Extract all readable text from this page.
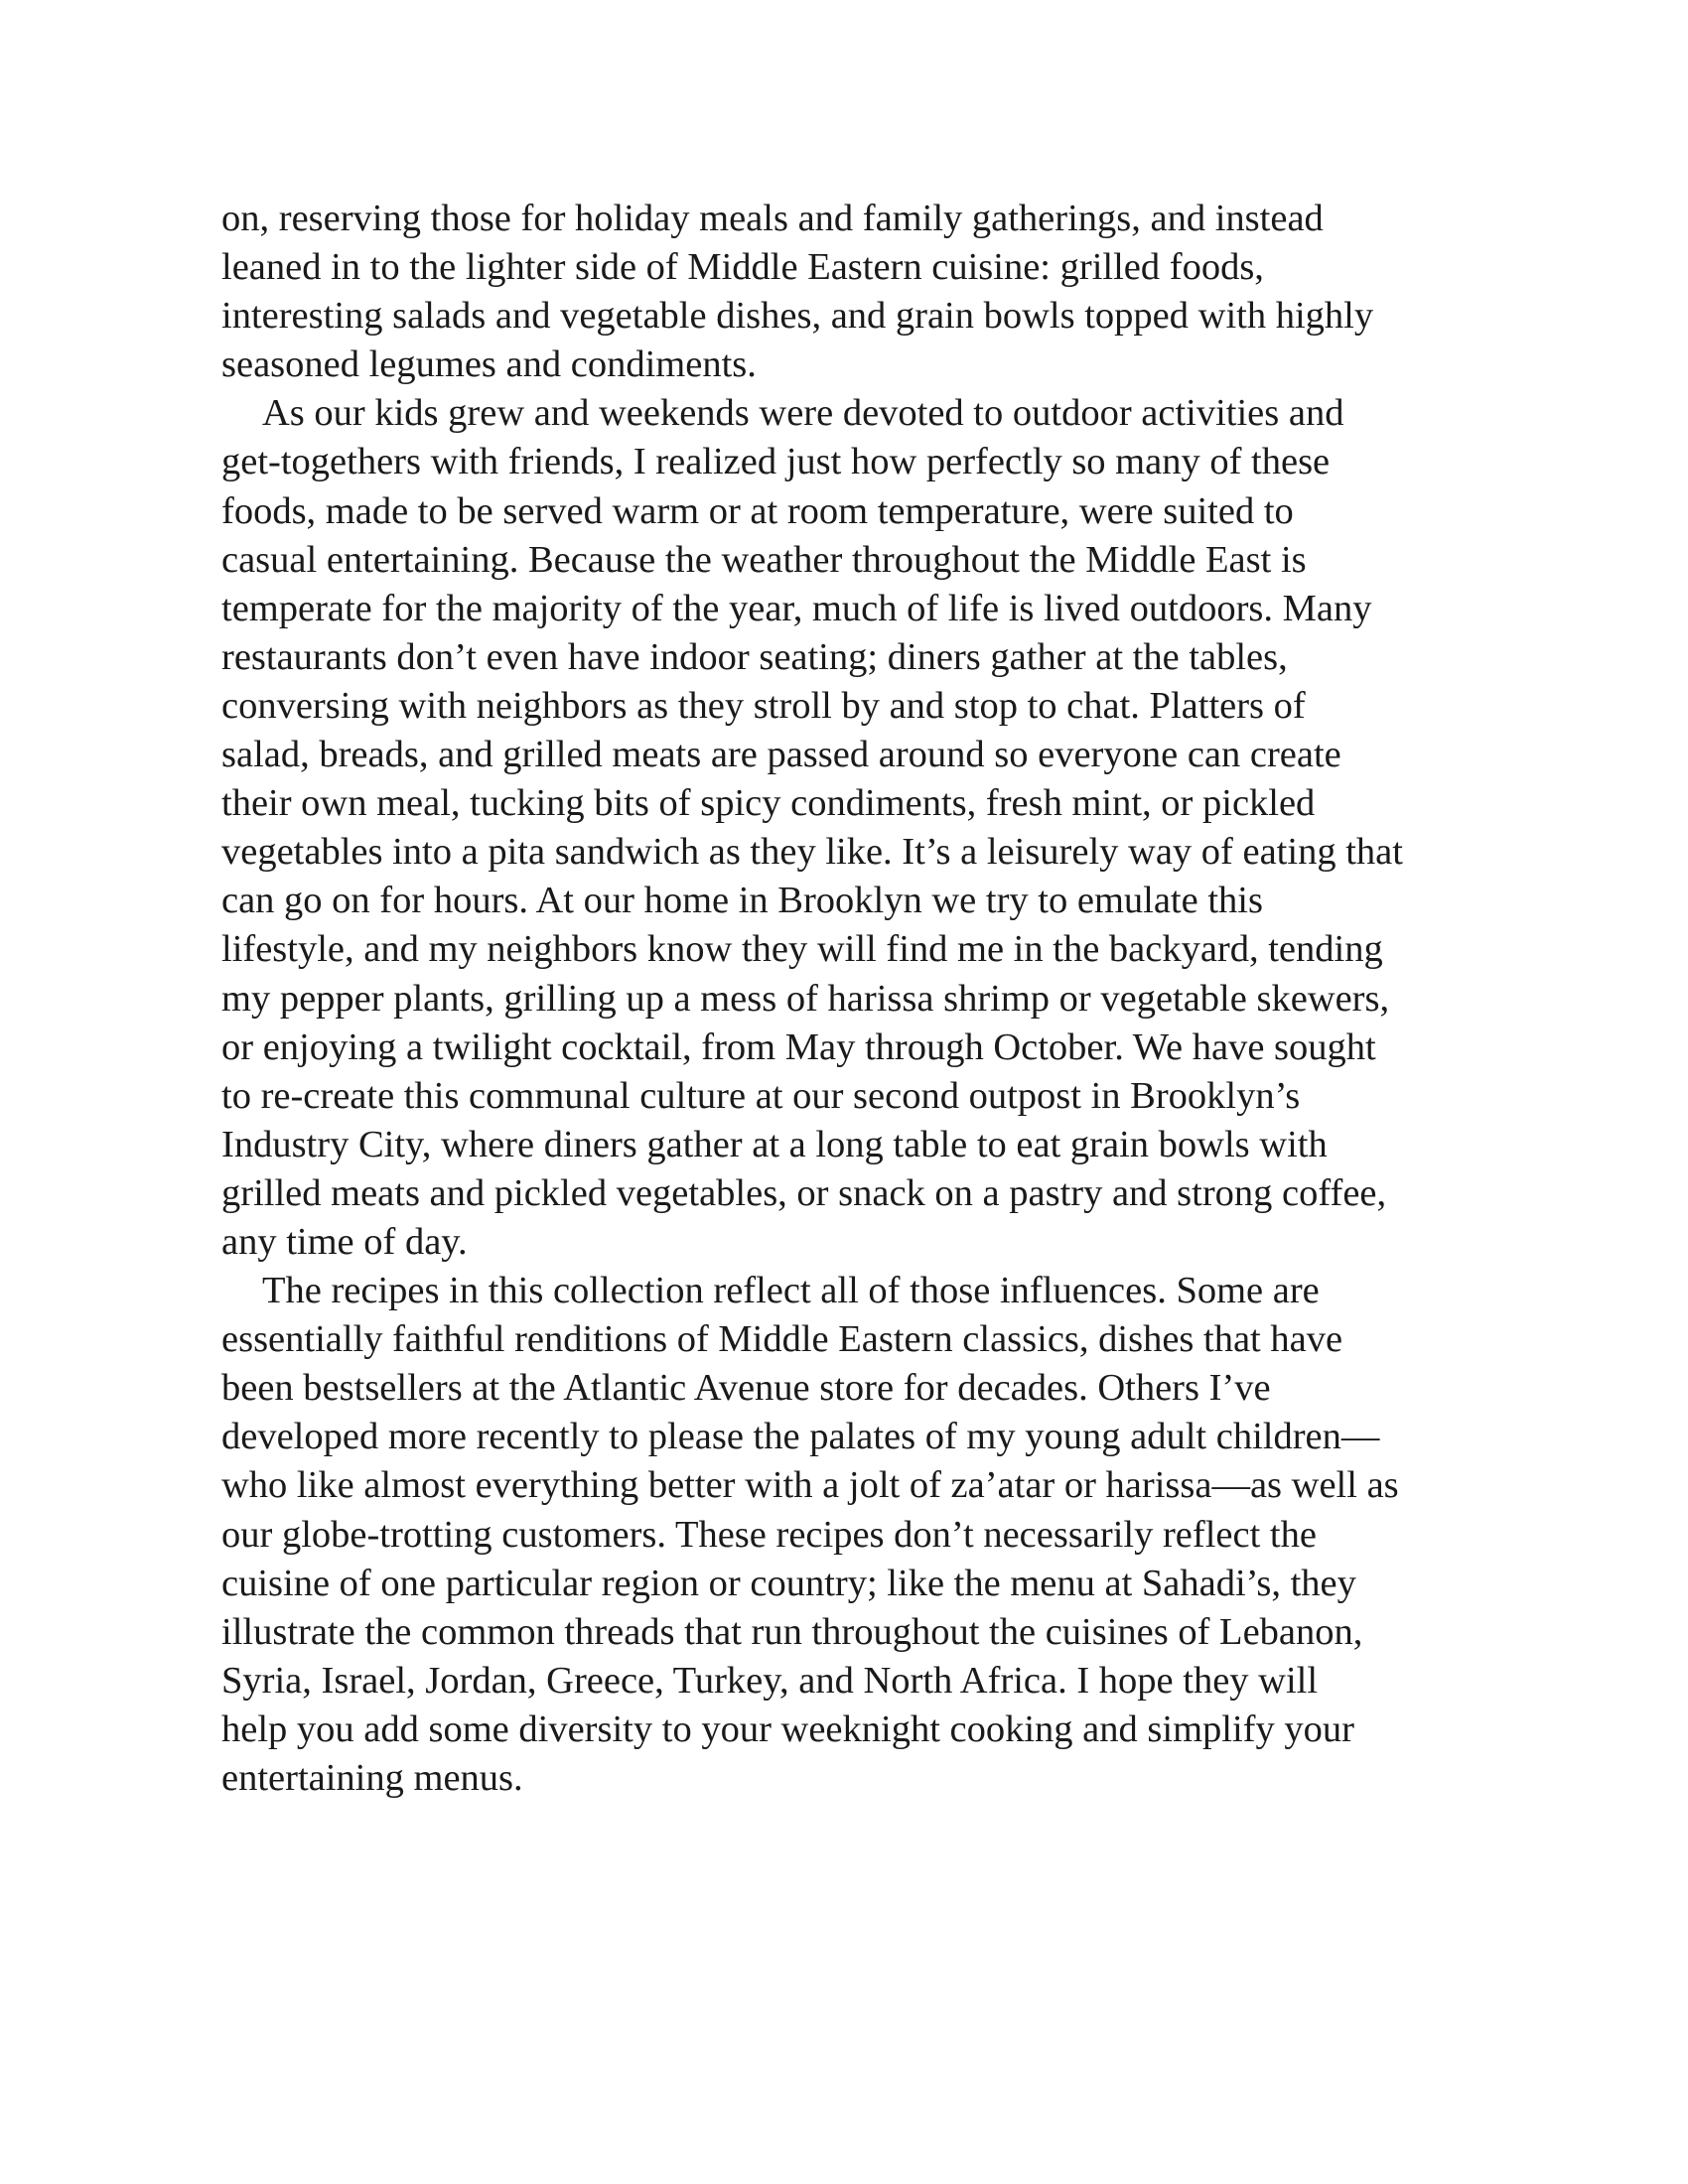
on, reserving those for holiday meals and family gatherings, and instead
leaned in to the lighter side of Middle Eastern cuisine: grilled foods,
interesting salads and vegetable dishes, and grain bowls topped with highly
seasoned legumes and condiments.
As our kids grew and weekends were devoted to outdoor activities and
get-togethers with friends, I realized just how perfectly so many of these
foods, made to be served warm or at room temperature, were suited to
casual entertaining. Because the weather throughout the Middle East is
temperate for the majority of the year, much of life is lived outdoors. Many
restaurants don’t even have indoor seating; diners gather at the tables,
conversing with neighbors as they stroll by and stop to chat. Platters of
salad, breads, and grilled meats are passed around so everyone can create
their own meal, tucking bits of spicy condiments, fresh mint, or pickled
vegetables into a pita sandwich as they like. It’s a leisurely way of eating that
can go on for hours. At our home in Brooklyn we try to emulate this
lifestyle, and my neighbors know they will find me in the backyard, tending
my pepper plants, grilling up a mess of harissa shrimp or vegetable skewers,
or enjoying a twilight cocktail, from May through October. We have sought
to re-create this communal culture at our second outpost in Brooklyn’s
Industry City, where diners gather at a long table to eat grain bowls with
grilled meats and pickled vegetables, or snack on a pastry and strong coffee,
any time of day.
The recipes in this collection reflect all of those influences. Some are
essentially faithful renditions of Middle Eastern classics, dishes that have
been bestsellers at the Atlantic Avenue store for decades. Others I’ve
developed more recently to please the palates of my young adult children—
who like almost everything better with a jolt of za’atar or harissa—as well as
our globe-trotting customers. These recipes don’t necessarily reflect the
cuisine of one particular region or country; like the menu at Sahadi’s, they
illustrate the common threads that run throughout the cuisines of Lebanon,
Syria, Israel, Jordan, Greece, Turkey, and North Africa. I hope they will
help you add some diversity to your weeknight cooking and simplify your
entertaining menus.
